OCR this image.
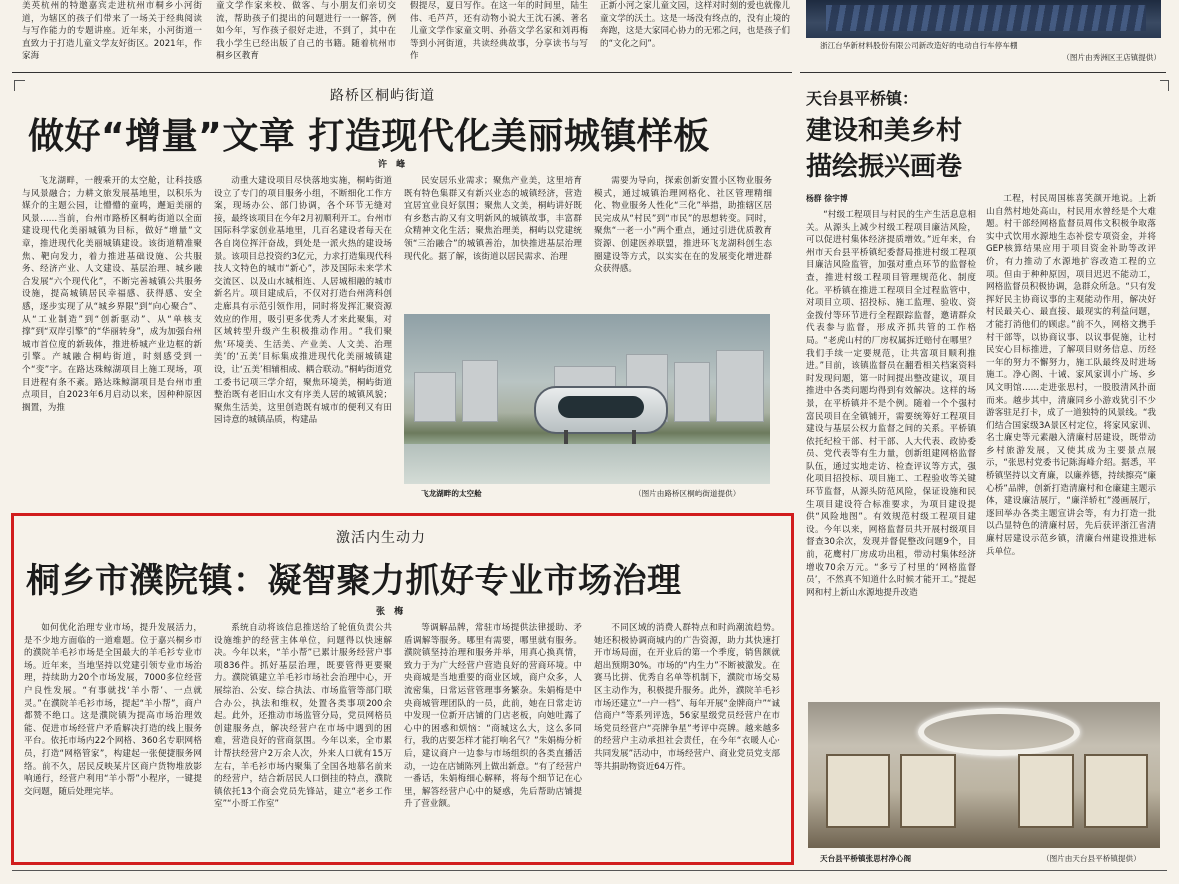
美英杭州的特邀嘉宾走进杭州市桐乡小河街道，为辖区的孩子们带来了一场关于经典阅读与写作能力的专题讲座。近年来，小河街道一直致力于打造儿童文学友好街区。2021年，作家海
童文学作家来校、做客、与小朋友们亲切交流，帮助孩子们提出的问题进行一一解答，例如今年，写作孩子很好走进，不到了，其中在我小学生已经出版了自己的书籍。随着杭州市桐乡区教育
假提尽，夏日写作。在这一年的时间里，陆生伟、毛芦芦，还有动物小说大王沈石溪、著名儿童文学作家童文明、孙蓓文学名家和刘再梅等到小河街道，共读经典故事，分享读书与写作
正新小河之家儿童文园，这样对时刻的爱也就像儿童文学的沃土。这是一场没有终点的，没有止境的奔跑，这是大家同心协力的无邪之问，也是孩子们的“文化之问”。	浙江台华新材料股份有限公司新改造好的电动自行车停车棚
（图片由秀洲区王店镇提供）
路桥区桐屿街道
做好“增量”文章 打造现代化美丽城镇样板
许 峰

飞龙湖畔，一艘乘开的太空舱，让科技感与风景融合；力耕文旅发展基地里，以积乐为媒介的主题公园，让懵懵的童鸣，邂逅美丽的风景……当前，台州市路桥区桐屿街道以全面建设现代化美丽城镇为目标，做好“增量”文章，推进现代化美丽城镇建设。该街道精准聚焦、靶向发力，着力推进基础设施、公共服务、经济产业、人文建设、基层治理、城乡融合发展“六个现代化”，不断完善城镇公共服务设施，提高城镇居民幸福感、获得感、安全感，逐步实现了从“城乡界限”到“向心聚合”、从“工业制造”到“创新驱动”、从“单核支撑”到“双岸引擎”的“华丽转身”，成为加强台州城市首位度的新载体，推进桥城产业边框的新引擎。产城融合桐屿街道，时刻感受到一个“变”字。在路达珠鲸湖项目上施工现场，项目进程有条不紊。路达珠鲸湖项目是台州市重点项目，自2023年6月启动以来，因种种原因搁置，为推

动重大建设项目尽快落地实施，桐屿街道设立了专门的项目服务小组，不断细化工作方案，现场办公、部门协调，各个环节无缝对接，最终该项目在今年2月初顺利开工。台州市国际科学家创业基地里，几百名建设者每天在各自岗位挥汗奋战，到处是一派火热的建设场景。该项目总投资约3亿元，力求打造集现代科技人文特色的城市“新心”，涉及国际未来学术交流区、以及山水城相连、人居城相融的城市新名片。项目建成后，不仅对打造台州湾科创走廊具有示范引领作用，同时将发挥汇聚资源效应的作用，吸引更多优秀人才来此聚集，对区域转型升级产生积极推动作用。“我们聚焦‘环境美、生活美、产业美、人文美、治理美’的‘五美’目标集成推进现代化美丽城镇建设，让‘五美’相辅相成、耦合联动。”桐屿街道党工委书记项三学介绍，聚焦环境美，桐屿街道整治既有老旧山水文有序美人居的城镇风貌；聚焦生活美，这里创造既有城市的便利又有田园诗意的城镇品质，构建品

民安居乐业需求；聚焦产业美，这里培育既有特色集群又有新兴业态的城镇经济，营造宜居宜业良好氛围；聚焦人文美，桐屿讲好既有乡愁古韵又有文明新风的城镇故事，丰富群众精神文化生活；聚焦治理美，桐屿以党建统领“三治融合”的城镇善治，加快推进基层治理现代化。据了解，该街道以居民需求、治理

需要为导向，探索创新安置小区物业服务模式，通过城镇治理网格化、社区管理精细化、物业服务人性化“三化”举措，助推辖区居民完成从“村民”到“市民”的思想转变。同时，聚焦“一老一小”两个重点，通过引进优质教育资源、创建医养联盟，推进环飞龙湖科创生态圈建设等方式，以实实在在的发展变化增进群众获得感。

飞龙湖畔的太空舱	（图片由路桥区桐屿街道提供）
天台县平桥镇：
建设和美乡村
描绘振兴画卷
杨群 徐宇博

“村级工程项目与村民的生产生活息息相关。从源头上减少村级工程项目廉洁风险，可以促进村集体经济提质增效。”近年来，台州市天台县平桥镇纪委督局推进村级工程项目廉洁风险监管，加强对重点环节的监督检查，推进村级工程项目管理规范化、制度化。平桥镇在推进工程项目全过程监管中，对项目立项、招投标、施工监理、验收、资金拨付等环节进行全程跟踪监督，邀请群众代表参与监督，形成齐抓共管的工作格局。“老虎山村的厂房权属拆迁赔付在哪里？我们手续一定要规范，让共富项目顺利推进。”目前，该镇监督员在翻看相关档案资料时发现问题，第一时间提出整改建议，项目推进中各类问题均得到有效解决。这样的场景，在平桥镇并不是个例。随着一个个强村富民项目在全镇铺开，需要统筹好工程项目建设与基层公权力监督之间的关系。平桥镇依托纪检干部、村干部、人大代表、政协委员、党代表等有生力量，创新组建网格监督队伍，通过实地走访、检查评议等方式，强化项目招投标、项目施工、工程验收等关键环节监督，从源头防范风险，保证设施和民生项目建设符合标准要求，为项目建设提供“风险地图”。有效规范村级工程项目建设。今年以来，网格监督员共开展村级项目督查30余次，发现并督促整改问题9个，目前，花鹰村厂房成功出租，带动村集体经济增收70余万元。“多亏了村里的‘网格监督员’，不然真不知道什么时候才能开工。”提起网和村上新山水源地提升改造

工程，村民周国栋喜笑颜开地说。上新山自然村地处高山，村民用水曾经是个大难题。村干部经网格监督员周伟文积极争取落实中式饮用水源地生态补偿专项资金，并将GEP核算结果应用于项目资金补助等改评价，有力推动了水源地扩容改造工程的立项。但由于种种原因，项目迟迟不能动工，网格监督员积极协调，急群众所急。“只有发挥好民主协商议事的主观能动作用，解决好村民最关心、最直接、最现实的利益问题，才能打消他们的顾虑。”前不久，网格文携手村干部等，以协商议事、以议事促施，让村民安心目标推进，了解项目财务信息、历经一年的努力不懈努力，施工队最终及时进场施工。净心阁、十诫、家风家训小广场、乡风文明馆……走进张思村，一股股清风扑面而来。越步其中，清廉同乡小游戏犹引不少游客驻足打卡，成了一道独特的风景线。“我们结合国家级3A景区村定位，将家风家训、名士廉史等元素融入清廉村居建设，既带动乡村旅游发展，又使其成为主要景点展示，“张思村党委书记陈海峰介绍。据悉，平桥镇坚持以文育廉，以廉养德，持续擦亮“廉心桥”品牌，创新打造清廉村和仓廉建主题示体，建设廉洁展厅，“廉洋轿杠”漫画展厅，逐回举办各类主题宣讲会等，有力打造一批以凸显特色的清廉村居，先后获评浙江省清廉村居建设示范乡镇，清廉台州建设推进标兵单位。

天台县平桥镇张思村净心阁	（图片由天台县平桥镇提供）
激活内生动力
桐乡市濮院镇：凝智聚力抓好专业市场治理
张 梅

如何优化治理专业市场，提升发展活力，是不少地方面临的一道难题。位于嘉兴桐乡市的濮院羊毛衫市场是全国最大的羊毛衫专业市场。近年来，当地坚持以党建引领专业市场治理，持续助力20个市场发展，7000多位经营户良性发展。“有事就找‘羊小帮’、一点就灵。”在濮院羊毛衫市场，提起“羊小帮”，商户都赞不绝口。这是濮院镇为提高市场治理效能、促进市场经营户矛盾解决打造的线上服务平台。依托市场内22个网格、360名专职网格员，打造“网格管家”，构建起一张便捷服务网络。前不久，居民反映某片区商户货物堆放影响通行，经营户利用“羊小帮”小程序，一键提交问题，随后处理完毕。

系统自动将该信息推送给了轮值负责公共设施维护的经营主体单位，问题得以快速解决。今年以来，“羊小帮”已累计服务经营户事项836件。抓好基层治理，既要管得更要聚力。濮院镇建立羊毛衫市场社会治理中心，开展综治、公安、综合执法、市场监管等部门联合办公，执法和维权，处置各类事项200余起。此外，还推动市场监管分局，党员网格员创建服务点，解决经营户在市场中遇到的困难，营造良好的营商氛围。今年以来，全市累计帮扶经营户2万余人次，外来人口就有15万左右，羊毛衫市场内聚集了全国各地慕名前来的经营户，结合新居民人口倒挂的特点，濮院镇依托13个商会党员先锋站，建立“老乡工作室”“小哥工作室”

等调解品牌，常驻市场提供法律援助、矛盾调解等服务。哪里有需要，哪里就有服务。濮院镇坚持治理和服务并举，用真心换真情，致力于为广大经营户营造良好的营商环境。中央商城是当地重要的商业区域，商户众多，人流密集，日常运营管理事务繁杂。朱娟梅是中央商城管理团队的一员，此前，她在日常走访中发现一位新开店铺的门店老板，向她吐露了心中的困惑和烦恼：“商城这么大，这么多同行，我的店要怎样才能打响名气？”朱娟梅分析后，建议商户一边参与市场组织的各类直播活动，一边在店铺陈列上做出新意。“有了经营户一番话，朱娟梅细心解释，将每个细节记在心里，解答经营户心中的疑惑，先后帮助店铺提升了营业额。

不同区域的消费人群特点和时尚潮流趋势。她还积极协调商城内的广告资源，助力其快速打开市场局面，在开业后的第一个季度，销售额就超出预期30%。市场的“内生力”不断被激发。在赛马比拼、优秀自名单等机制下，濮院市场交易区主动作为，积极提升服务。此外，濮院羊毛衫市场还建立“一户一档”、每年开展“金牌商户”“诚信商户”等系列评选，56家星级党员经营户在市场党员经营户“亮牌争星”考评中亮牌。越来越多的经营户主动承担社会责任，在今年“衣暖人心·共同发展”活动中，市场经营户、商业党员党支部等共捐助物资近64万件。
